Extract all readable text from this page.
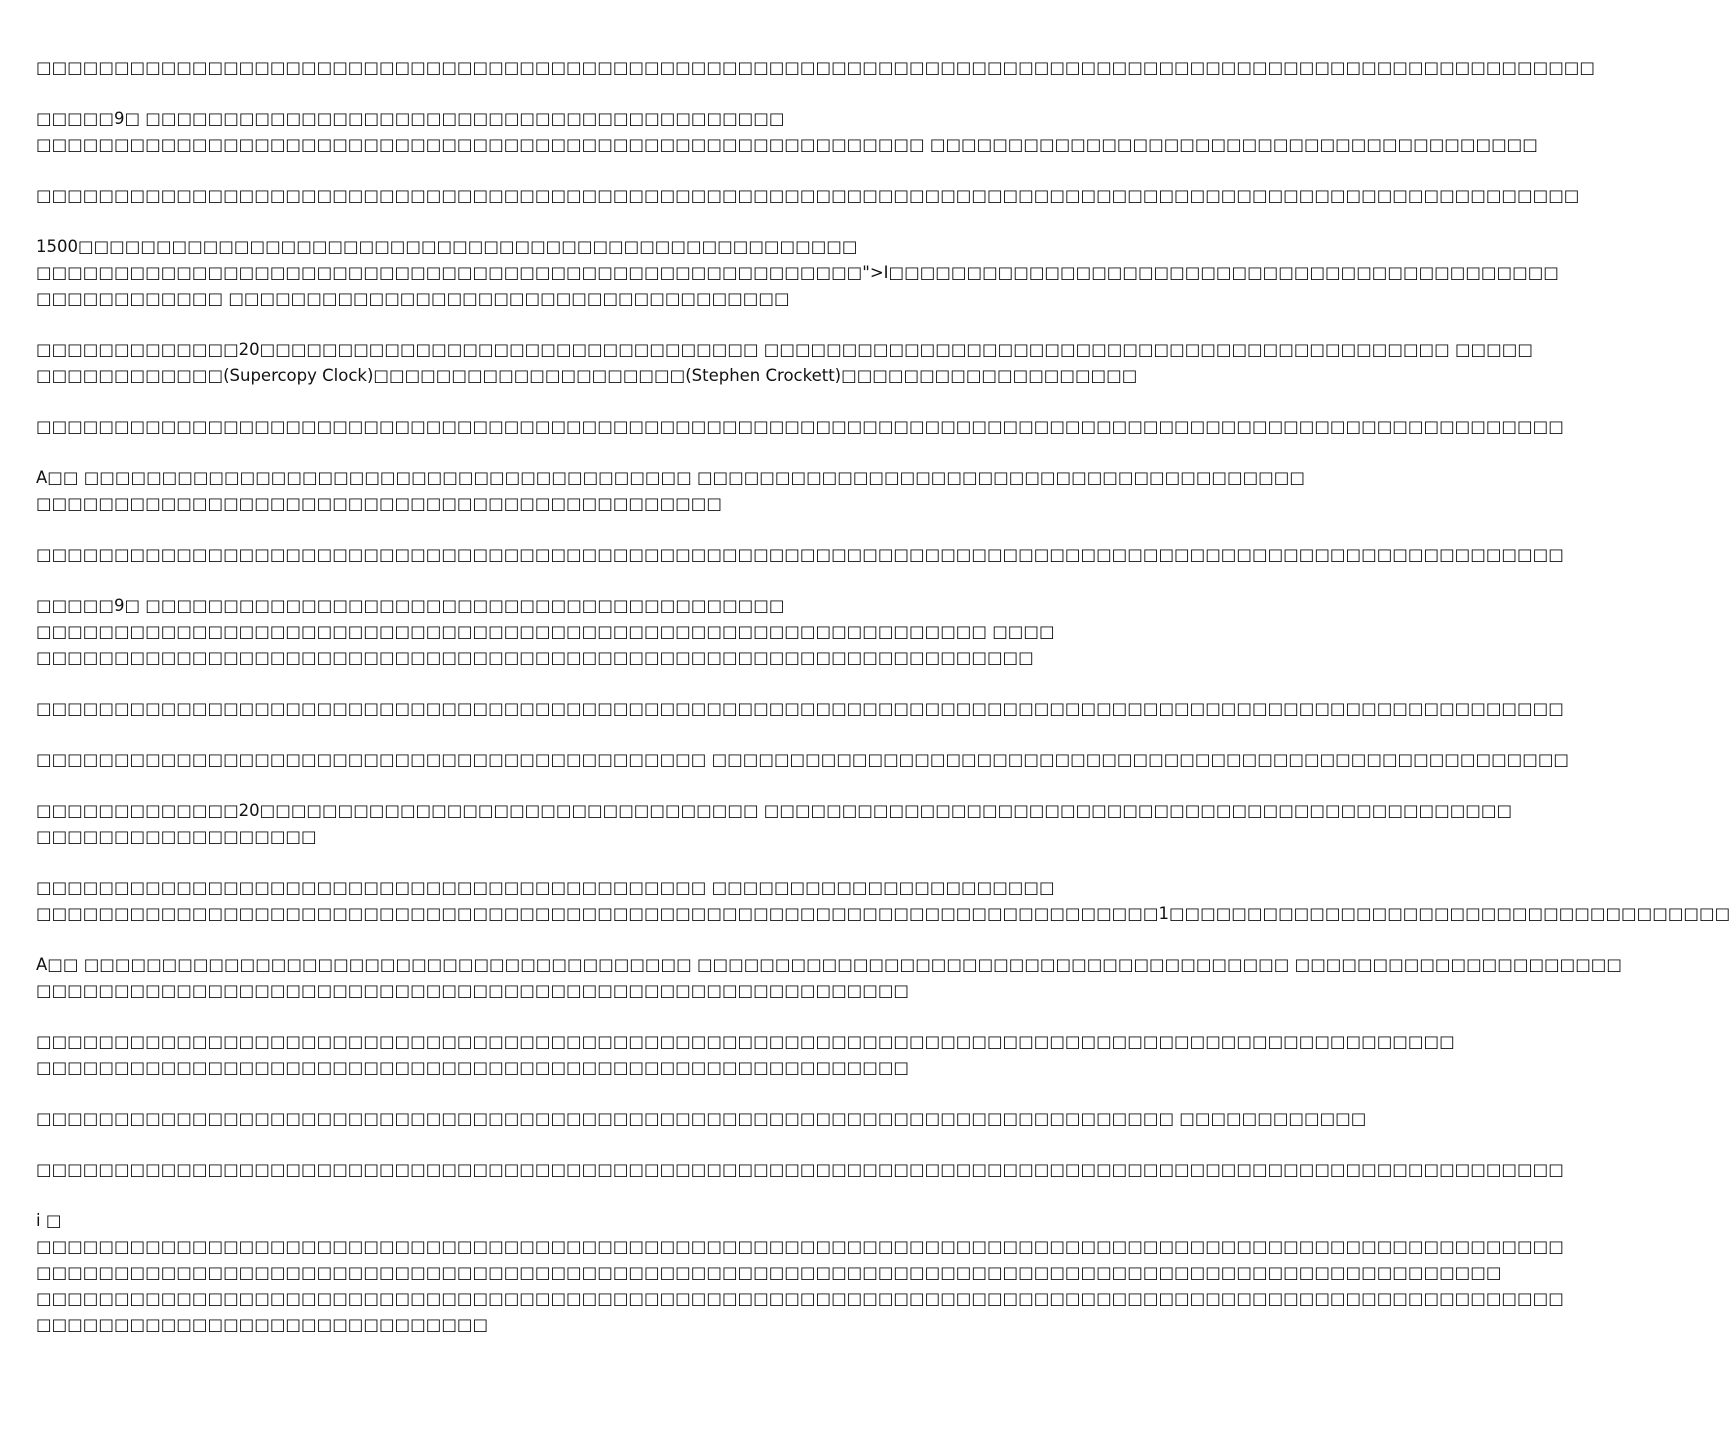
□□□□□□□□□□□□□□□□□□□□□□□□□□□□□□□□□□□□□□□□□□□□□□□□□□□□□□□□□□□□□□□□□□□□□□□□□□□□□□□□□□□□□□□□□□□□□□□□□□□□

□□□□□9□ □□□□□□□□□□□□□□□□□□□□□□□□□□□□□□□□□□□□□□□□□
□□□□□□□□□□□□□□□□□□□□□□□□□□□□□□□□□□□□□□□□□□□□□□□□□□□□□□□□□ □□□□□□□□□□□□□□□□□□□□□□□□□□□□□□□□□□□□□□□

□□□□□□□□□□□□□□□□□□□□□□□□□□□□□□□□□□□□□□□□□□□□□□□□□□□□□□□□□□□□□□□□□□□□□□□□□□□□□□□□□□□□□□□□□□□□□□□□□□□

1500□□□□□□□□□□□□□□□□□□□□□□□□□□□□□□□□□□□□□□□□□□□□□□□□□□
□□□□□□□□□□□□□□□□□□□□□□□□□□□□□□□□□□□□□□□□□□□□□□□□□□□□□">I□□□□□□□□□□□□□□□□□□□□□□□□□□□□□□□□□□□□□□□□□□□
□□□□□□□□□□□□ □□□□□□□□□□□□□□□□□□□□□□□□□□□□□□□□□□□□

□□□□□□□□□□□□□20□□□□□□□□□□□□□□□□□□□□□□□□□□□□□□□□ □□□□□□□□□□□□□□□□□□□□□□□□□□□□□□□□□□□□□□□□□□□□ □□□□□
□□□□□□□□□□□□(Supercopy Clock)□□□□□□□□□□□□□□□□□□□□(Stephen Crockett)□□□□□□□□□□□□□□□□□□□

□□□□□□□□□□□□□□□□□□□□□□□□□□□□□□□□□□□□□□□□□□□□□□□□□□□□□□□□□□□□□□□□□□□□□□□□□□□□□□□□□□□□□□□□□□□□□□□□□□

A□□ □□□□□□□□□□□□□□□□□□□□□□□□□□□□□□□□□□□□□□□ □□□□□□□□□□□□□□□□□□□□□□□□□□□□□□□□□□□□□□□
□□□□□□□□□□□□□□□□□□□□□□□□□□□□□□□□□□□□□□□□□□□□

□□□□□□□□□□□□□□□□□□□□□□□□□□□□□□□□□□□□□□□□□□□□□□□□□□□□□□□□□□□□□□□□□□□□□□□□□□□□□□□□□□□□□□□□□□□□□□□□□□

□□□□□9□ □□□□□□□□□□□□□□□□□□□□□□□□□□□□□□□□□□□□□□□□□
□□□□□□□□□□□□□□□□□□□□□□□□□□□□□□□□□□□□□□□□□□□□□□□□□□□□□□□□□□□□□ □□□□
□□□□□□□□□□□□□□□□□□□□□□□□□□□□□□□□□□□□□□□□□□□□□□□□□□□□□□□□□□□□□□□□

□□□□□□□□□□□□□□□□□□□□□□□□□□□□□□□□□□□□□□□□□□□□□□□□□□□□□□□□□□□□□□□□□□□□□□□□□□□□□□□□□□□□□□□□□□□□□□□□□□

□□□□□□□□□□□□□□□□□□□□□□□□□□□□□□□□□□□□□□□□□□□ □□□□□□□□□□□□□□□□□□□□□□□□□□□□□□□□□□□□□□□□□□□□□□□□□□□□□□□

□□□□□□□□□□□□□20□□□□□□□□□□□□□□□□□□□□□□□□□□□□□□□□ □□□□□□□□□□□□□□□□□□□□□□□□□□□□□□□□□□□□□□□□□□□□□□□□
□□□□□□□□□□□□□□□□□□

□□□□□□□□□□□□□□□□□□□□□□□□□□□□□□□□□□□□□□□□□□□ □□□□□□□□□□□□□□□□□□□□□□
□□□□□□□□□□□□□□□□□□□□□□□□□□□□□□□□□□□□□□□□□□□□□□□□□□□□□□□□□□□□□□□□□□□□□□□□1□□□□□□□□□□□□□□□□□□□□□□□□□□□□□□□□□□□□

A□□ □□□□□□□□□□□□□□□□□□□□□□□□□□□□□□□□□□□□□□□ □□□□□□□□□□□□□□□□□□□□□□□□□□□□□□□□□□□□□□ □□□□□□□□□□□□□□□□□□□□□
□□□□□□□□□□□□□□□□□□□□□□□□□□□□□□□□□□□□□□□□□□□□□□□□□□□□□□□□

□□□□□□□□□□□□□□□□□□□□□□□□□□□□□□□□□□□□□□□□□□□□□□□□□□□□□□□□□□□□□□□□□□□□□□□□□□□□□□□□□□□□□□□□□□□
□□□□□□□□□□□□□□□□□□□□□□□□□□□□□□□□□□□□□□□□□□□□□□□□□□□□□□□□

□□□□□□□□□□□□□□□□□□□□□□□□□□□□□□□□□□□□□□□□□□□□□□□□□□□□□□□□□□□□□□□□□□□□□□□□□ □□□□□□□□□□□□

□□□□□□□□□□□□□□□□□□□□□□□□□□□□□□□□□□□□□□□□□□□□□□□□□□□□□□□□□□□□□□□□□□□□□□□□□□□□□□□□□□□□□□□□□□□□□□□□□□

i □
□□□□□□□□□□□□□□□□□□□□□□□□□□□□□□□□□□□□□□□□□□□□□□□□□□□□□□□□□□□□□□□□□□□□□□□□□□□□□□□□□□□□□□□□□□□□□□□□□□
□□□□□□□□□□□□□□□□□□□□□□□□□□□□□□□□□□□□□□□□□□□□□□□□□□□□□□□□□□□□□□□□□□□□□□□□□□□□□□□□□□□□□□□□□□□□□□
□□□□□□□□□□□□□□□□□□□□□□□□□□□□□□□□□□□□□□□□□□□□□□□□□□□□□□□□□□□□□□□□□□□□□□□□□□□□□□□□□□□□□□□□□□□□□□□□□□
□□□□□□□□□□□□□□□□□□□□□□□□□□□□□
